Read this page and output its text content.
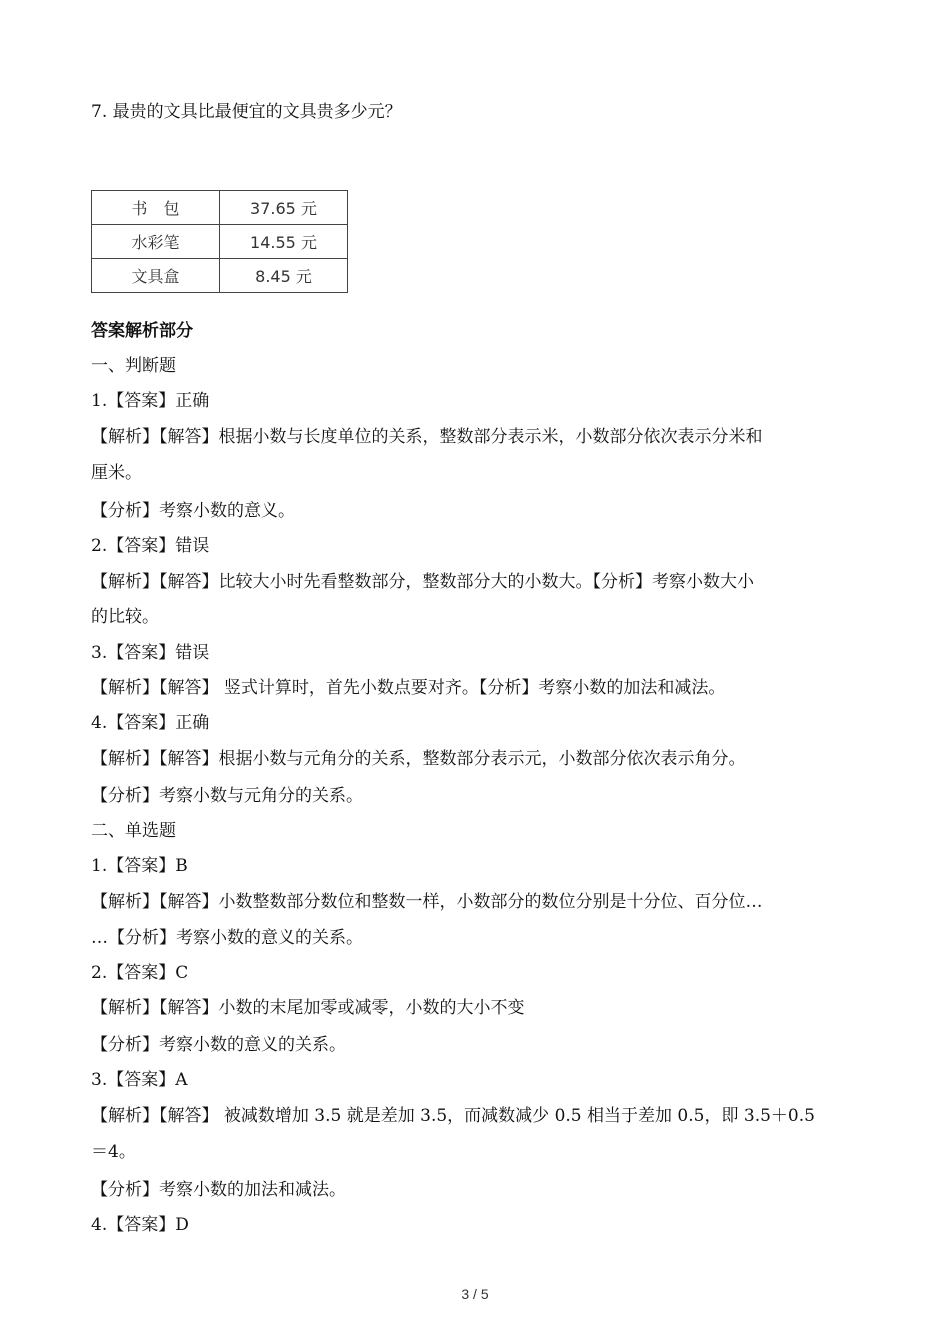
7. 最贵的文具比最便宜的文具贵多少元？
书　包	37.65 元
水彩笔	14.55 元
文具盒	8.45 元
答案解析部分
一、判断题
1.【答案】正确
【解析】【解答】根据小数与长度单位的关系，整数部分表示米，小数部分依次表示分米和
厘米。
【分析】考察小数的意义。
2.【答案】错误
【解析】【解答】比较大小时先看整数部分，整数部分大的小数大。【分析】考察小数大小
的比较。
3.【答案】错误
【解析】【解答】 竖式计算时，首先小数点要对齐。【分析】考察小数的加法和减法。
4.【答案】正确
【解析】【解答】根据小数与元角分的关系，整数部分表示元，小数部分依次表示角分。
【分析】考察小数与元角分的关系。
二、单选题
1.【答案】B
【解析】【解答】小数整数部分数位和整数一样，小数部分的数位分别是十分位、百分位…
…【分析】考察小数的意义的关系。
2.【答案】C
【解析】【解答】小数的末尾加零或减零，小数的大小不变
【分析】考察小数的意义的关系。
3.【答案】A
【解析】【解答】 被减数增加 3.5 就是差加 3.5，而减数减少 0.5 相当于差加 0.5，即 3.5＋0.5
＝4。
【分析】考察小数的加法和减法。
4.【答案】D
3 / 5
